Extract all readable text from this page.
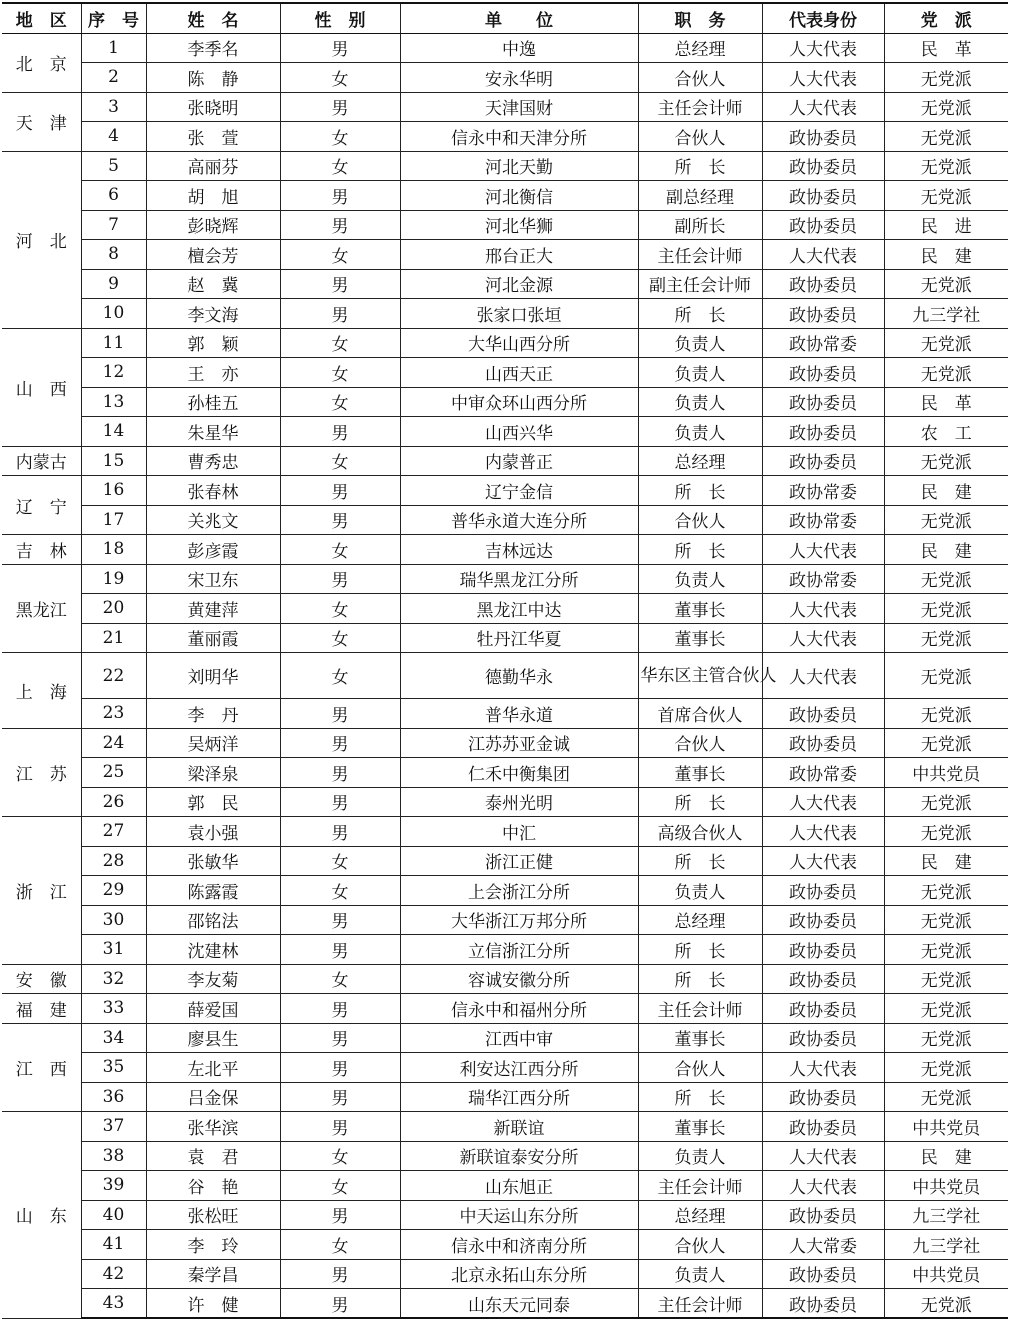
地　区	序　号	姓　名	性　别	单　　位	职　务	代表身份	党　派
北　京	1	李季名	男	中逸	总经理	人大代表	民　革
	2	陈　静	女	安永华明	合伙人	人大代表	无党派
天　津	3	张晓明	男	天津国财	主任会计师	人大代表	无党派
	4	张　萱	女	信永中和天津分所	合伙人	政协委员	无党派
河　北	5	高丽芬	女	河北天勤	所　长	政协委员	无党派
	6	胡　旭	男	河北衡信	副总经理	政协委员	无党派
	7	彭晓辉	男	河北华狮	副所长	政协委员	民　进
	8	檀会芳	女	邢台正大	主任会计师	人大代表	民　建
	9	赵　冀	男	河北金源	副主任会计师	政协委员	无党派
	10	李文海	男	张家口张垣	所　长	政协委员	九三学社
山　西	11	郭　颖	女	大华山西分所	负责人	政协常委	无党派
	12	王　亦	女	山西天正	负责人	政协委员	无党派
	13	孙桂五	女	中审众环山西分所	负责人	政协委员	民　革
	14	朱星华	男	山西兴华	负责人	政协委员	农　工
内蒙古	15	曹秀忠	女	内蒙普正	总经理	政协委员	无党派
辽　宁	16	张春林	男	辽宁金信	所　长	政协常委	民　建
	17	关兆文	男	普华永道大连分所	合伙人	政协常委	无党派
吉　林	18	彭彦霞	女	吉林远达	所　长	人大代表	民　建
黑龙江	19	宋卫东	男	瑞华黑龙江分所	负责人	政协常委	无党派
	20	黄建萍	女	黑龙江中达	董事长	人大代表	无党派
	21	董丽霞	女	牡丹江华夏	董事长	人大代表	无党派
上　海	22	刘明华	女	德勤华永	华东区主管合伙人	人大代表	无党派
	23	李　丹	男	普华永道	首席合伙人	政协委员	无党派
江　苏	24	吴炳洋	男	江苏苏亚金诚	合伙人	政协委员	无党派
	25	梁泽泉	男	仁禾中衡集团	董事长	政协常委	中共党员
	26	郭　民	男	泰州光明	所　长	人大代表	无党派
浙　江	27	袁小强	男	中汇	高级合伙人	人大代表	无党派
	28	张敏华	女	浙江正健	所　长	人大代表	民　建
	29	陈露霞	女	上会浙江分所	负责人	政协委员	无党派
	30	邵铭法	男	大华浙江万邦分所	总经理	政协委员	无党派
	31	沈建林	男	立信浙江分所	所　长	政协委员	无党派
安　徽	32	李友菊	女	容诚安徽分所	所　长	政协委员	无党派
福　建	33	薛爱国	男	信永中和福州分所	主任会计师	政协委员	无党派
江　西	34	廖县生	男	江西中审	董事长	政协委员	无党派
	35	左北平	男	利安达江西分所	合伙人	人大代表	无党派
	36	吕金保	男	瑞华江西分所	所　长	政协委员	无党派
山　东	37	张华滨	男	新联谊	董事长	政协委员	中共党员
	38	袁　君	女	新联谊泰安分所	负责人	人大代表	民　建
	39	谷　艳	女	山东旭正	主任会计师	人大代表	中共党员
	40	张松旺	男	中天运山东分所	总经理	政协委员	九三学社
	41	李　玲	女	信永中和济南分所	合伙人	人大常委	九三学社
	42	秦学昌	男	北京永拓山东分所	负责人	政协委员	中共党员
	43	许　健	男	山东天元同泰	主任会计师	政协委员	无党派
